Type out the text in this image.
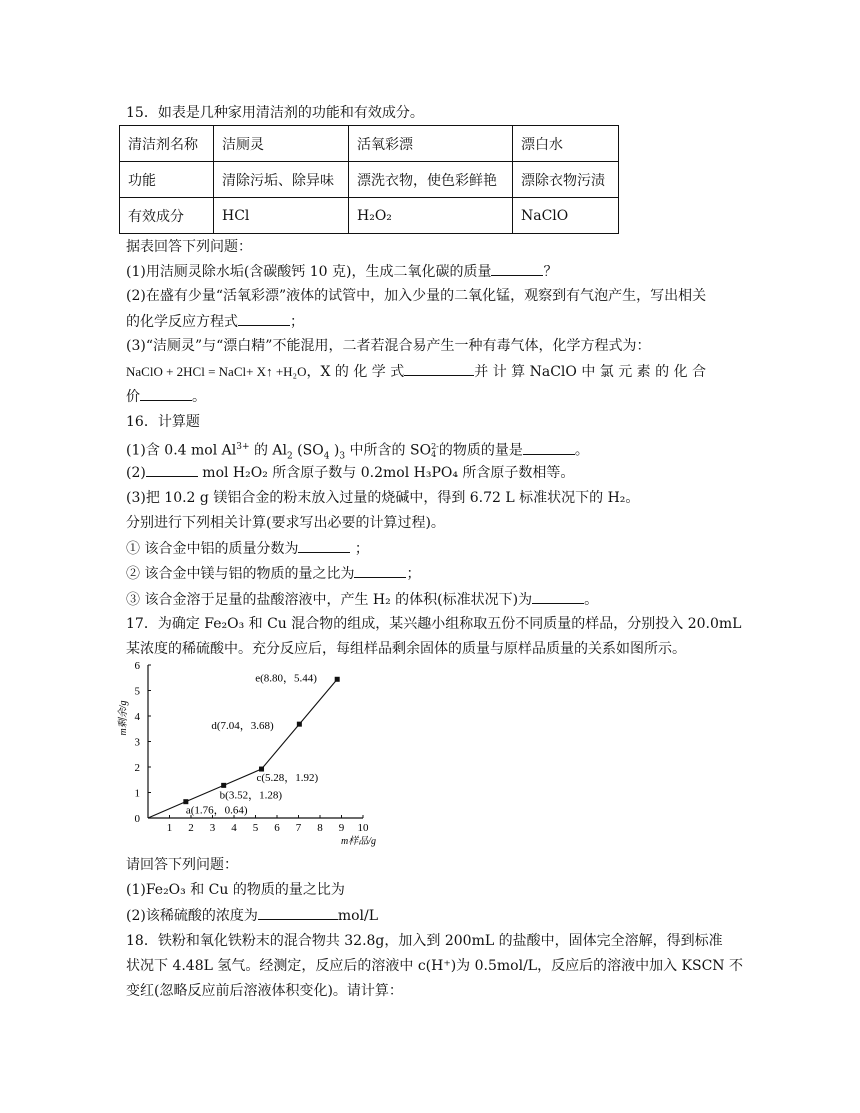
15．如表是几种家用清洁剂的功能和有效成分。
清洁剂名称	洁厕灵	活氧彩漂	漂白水
功能	清除污垢、除异味	漂洗衣物，使色彩鲜艳	漂除衣物污渍
有效成分	HCl	H₂O₂	NaClO
据表回答下列问题：
(1)用洁厕灵除水垢(含碳酸钙 10 克)，生成二氧化碳的质量	？
(2)在盛有少量“活氧彩漂”液体的试管中，加入少量的二氧化锰，观察到有气泡产生，写出相关
的化学反应方程式	；
(3)“洁厕灵”与“漂白精”不能混用，二者若混合易产生一种有毒气体，化学方程式为：
NaClO + 2HCl = NaCl+ X↑ +H₂O，X 的 化 学 式	并 计 算 NaClO 中 氯 元 素 的 化 合
价	。
16．计算题
(1)含 0.4 mol $Al^{3+}$ 的 $Al_2$ ($SO_4$ )$_3$ 中所含的 SO 2-
4 的物质的量是	。
(2)	mol H₂O₂ 所含原子数与 0.2mol H₃PO₄ 所含原子数相等。
(3)把 10.2 g 镁铝合金的粉末放入过量的烧碱中，得到 6.72 L 标准状况下的 H₂。
分别进行下列相关计算(要求写出必要的计算过程)。
① 该合金中铝的质量分数为	；
② 该合金中镁与铝的物质的量之比为	；
③ 该合金溶于足量的盐酸溶液中，产生 H₂ 的体积(标准状况下)为	。
17．为确定 Fe₂O₃ 和 Cu 混合物的组成，某兴趣小组称取五份不同质量的样品，分别投入 20.0mL
某浓度的稀硫酸中。充分反应后，每组样品剩余固体的质量与原样品质量的关系如图所示。
1 2 3 4 5 6 7 8 9 10
0
1
2
3
4
5
6
a(1.76，0.64)
b(3.52，1.28)
c(5.28，1.92)
d(7.04，3.68)
e(8.80，5.44)
m剩余/g
m样品/g
请回答下列问题：
(1)Fe₂O₃ 和 Cu 的物质的量之比为
(2)该稀硫酸的浓度为	mol/L
18．铁粉和氧化铁粉末的混合物共 32.8g，加入到 200mL 的盐酸中，固体完全溶解，得到标准
状况下 4.48L 氢气。经测定，反应后的溶液中 c(H⁺)为 0.5mol/L，反应后的溶液中加入 KSCN 不
变红(忽略反应前后溶液体积变化)。请计算：
